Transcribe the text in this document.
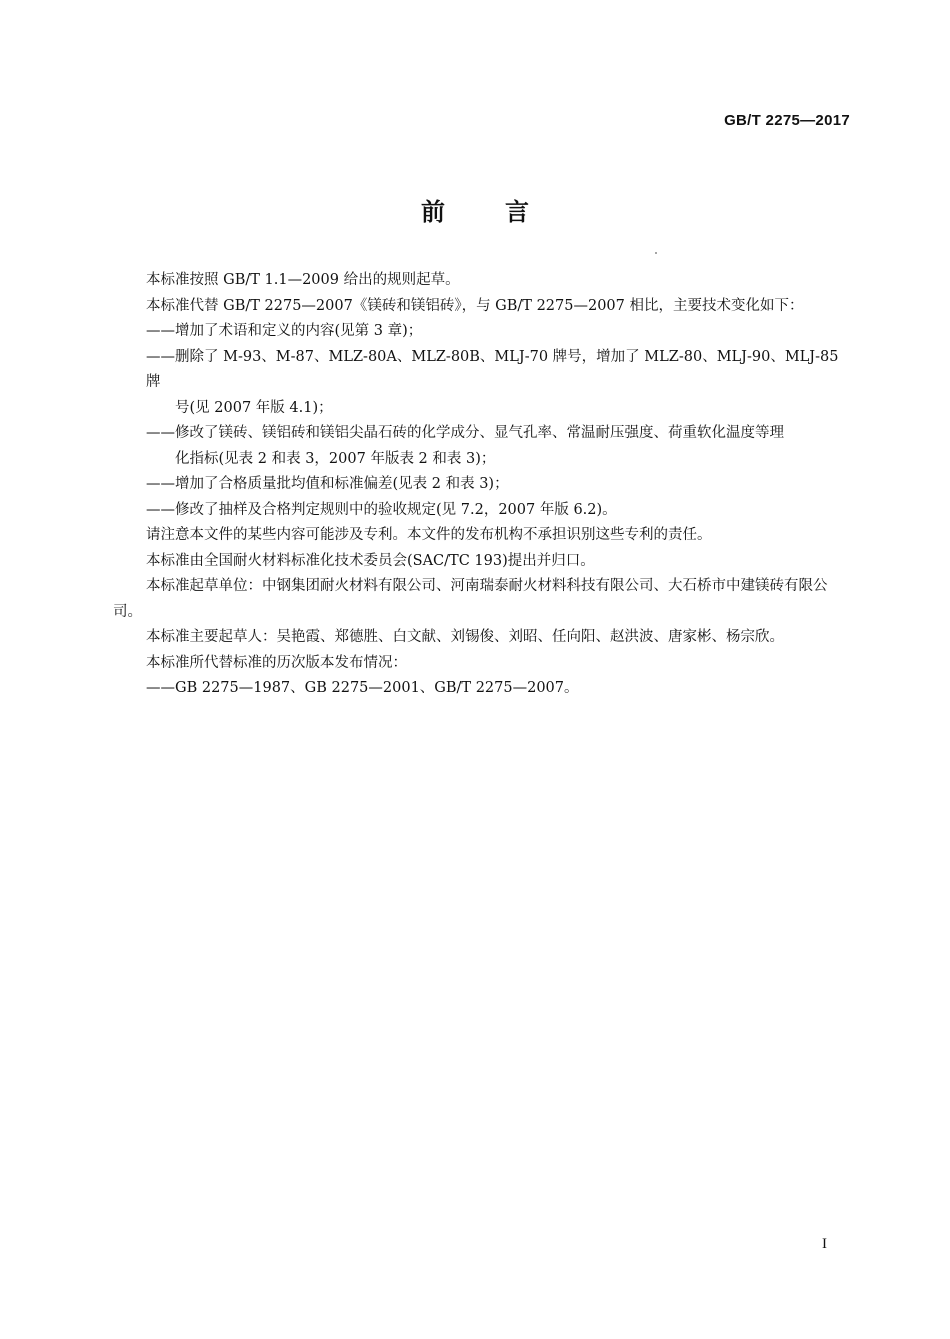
GB/T 2275—2017
前言

本标准按照 GB/T 1.1—2009 给出的规则起草。

本标准代替 GB/T 2275—2007《镁砖和镁铝砖》，与 GB/T 2275—2007 相比，主要技术变化如下：

——增加了术语和定义的内容(见第 3 章)；
——删除了 M-93、M-87、MLZ-80A、MLZ-80B、MLJ-70 牌号，增加了 MLZ-80、MLJ-90、MLJ-85 牌
号(见 2007 年版 4.1)；
——修改了镁砖、镁铝砖和镁铝尖晶石砖的化学成分、显气孔率、常温耐压强度、荷重软化温度等理
化指标(见表 2 和表 3，2007 年版表 2 和表 3)；
——增加了合格质量批均值和标准偏差(见表 2 和表 3)；
——修改了抽样及合格判定规则中的验收规定(见 7.2，2007 年版 6.2)。

请注意本文件的某些内容可能涉及专利。本文件的发布机构不承担识别这些专利的责任。

本标准由全国耐火材料标准化技术委员会(SAC/TC 193)提出并归口。

本标准起草单位：中钢集团耐火材料有限公司、河南瑞泰耐火材料科技有限公司、大石桥市中建镁砖有限公司。

本标准主要起草人：吴艳霞、郑德胜、白文献、刘锡俊、刘昭、任向阳、赵洪波、唐家彬、杨宗欣。

本标准所代替标准的历次版本发布情况：

——GB 2275—1987、GB 2275—2001、GB/T 2275—2007。
I
